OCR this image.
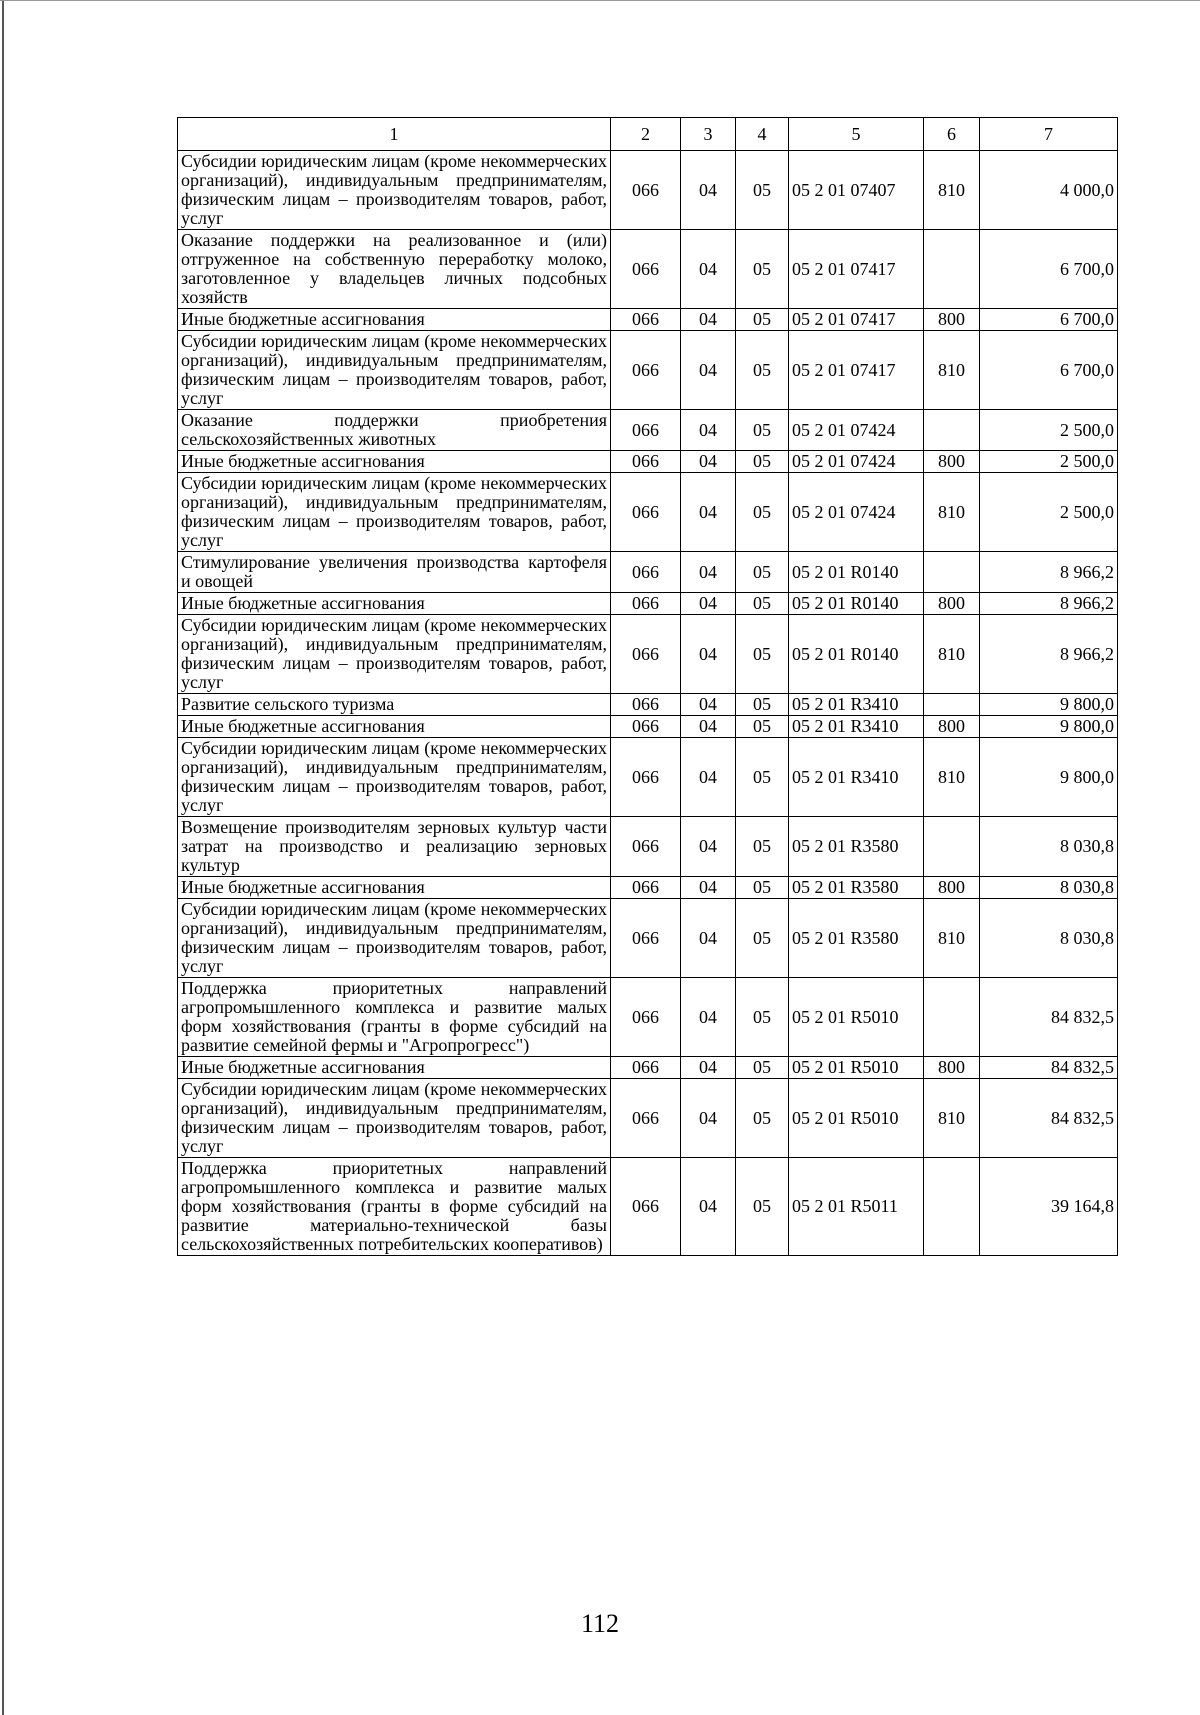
1	2	3	4	5	6	7
Субсидии юридическим лицам (кроме некоммерческих организаций), индивидуальным предпринимателям, физическим лицам – производителям товаров, работ, услуг	066	04	05	05 2 01 07407	810	4 000,0
Оказание поддержки на реализованное и (или) отгруженное на собственную переработку молоко, заготовленное у владельцев личных подсобных хозяйств	066	04	05	05 2 01 07417		6 700,0
Иные бюджетные ассигнования	066	04	05	05 2 01 07417	800	6 700,0
Субсидии юридическим лицам (кроме некоммерческих организаций), индивидуальным предпринимателям, физическим лицам – производителям товаров, работ, услуг	066	04	05	05 2 01 07417	810	6 700,0
Оказание поддержки приобретения сельскохозяйственных животных	066	04	05	05 2 01 07424		2 500,0
Иные бюджетные ассигнования	066	04	05	05 2 01 07424	800	2 500,0
Субсидии юридическим лицам (кроме некоммерческих организаций), индивидуальным предпринимателям, физическим лицам – производителям товаров, работ, услуг	066	04	05	05 2 01 07424	810	2 500,0
Стимулирование увеличения производства картофеля и овощей	066	04	05	05 2 01 R0140		8 966,2
Иные бюджетные ассигнования	066	04	05	05 2 01 R0140	800	8 966,2
Субсидии юридическим лицам (кроме некоммерческих организаций), индивидуальным предпринимателям, физическим лицам – производителям товаров, работ, услуг	066	04	05	05 2 01 R0140	810	8 966,2
Развитие сельского туризма	066	04	05	05 2 01 R3410		9 800,0
Иные бюджетные ассигнования	066	04	05	05 2 01 R3410	800	9 800,0
Субсидии юридическим лицам (кроме некоммерческих организаций), индивидуальным предпринимателям, физическим лицам – производителям товаров, работ, услуг	066	04	05	05 2 01 R3410	810	9 800,0
Возмещение производителям зерновых культур части затрат на производство и реализацию зерновых культур	066	04	05	05 2 01 R3580		8 030,8
Иные бюджетные ассигнования	066	04	05	05 2 01 R3580	800	8 030,8
Субсидии юридическим лицам (кроме некоммерческих организаций), индивидуальным предпринимателям, физическим лицам – производителям товаров, работ, услуг	066	04	05	05 2 01 R3580	810	8 030,8
Поддержка приоритетных направлений агропромышленного комплекса и развитие малых форм хозяйствования (гранты в форме субсидий на развитие семейной фермы и "Агропрогресс")	066	04	05	05 2 01 R5010		84 832,5
Иные бюджетные ассигнования	066	04	05	05 2 01 R5010	800	84 832,5
Субсидии юридическим лицам (кроме некоммерческих организаций), индивидуальным предпринимателям, физическим лицам – производителям товаров, работ, услуг	066	04	05	05 2 01 R5010	810	84 832,5
Поддержка приоритетных направлений агропромышленного комплекса и развитие малых форм хозяйствования (гранты в форме субсидий на развитие материально-технической базы сельскохозяйственных потребительских кооперативов)	066	04	05	05 2 01 R5011		39 164,8
112
